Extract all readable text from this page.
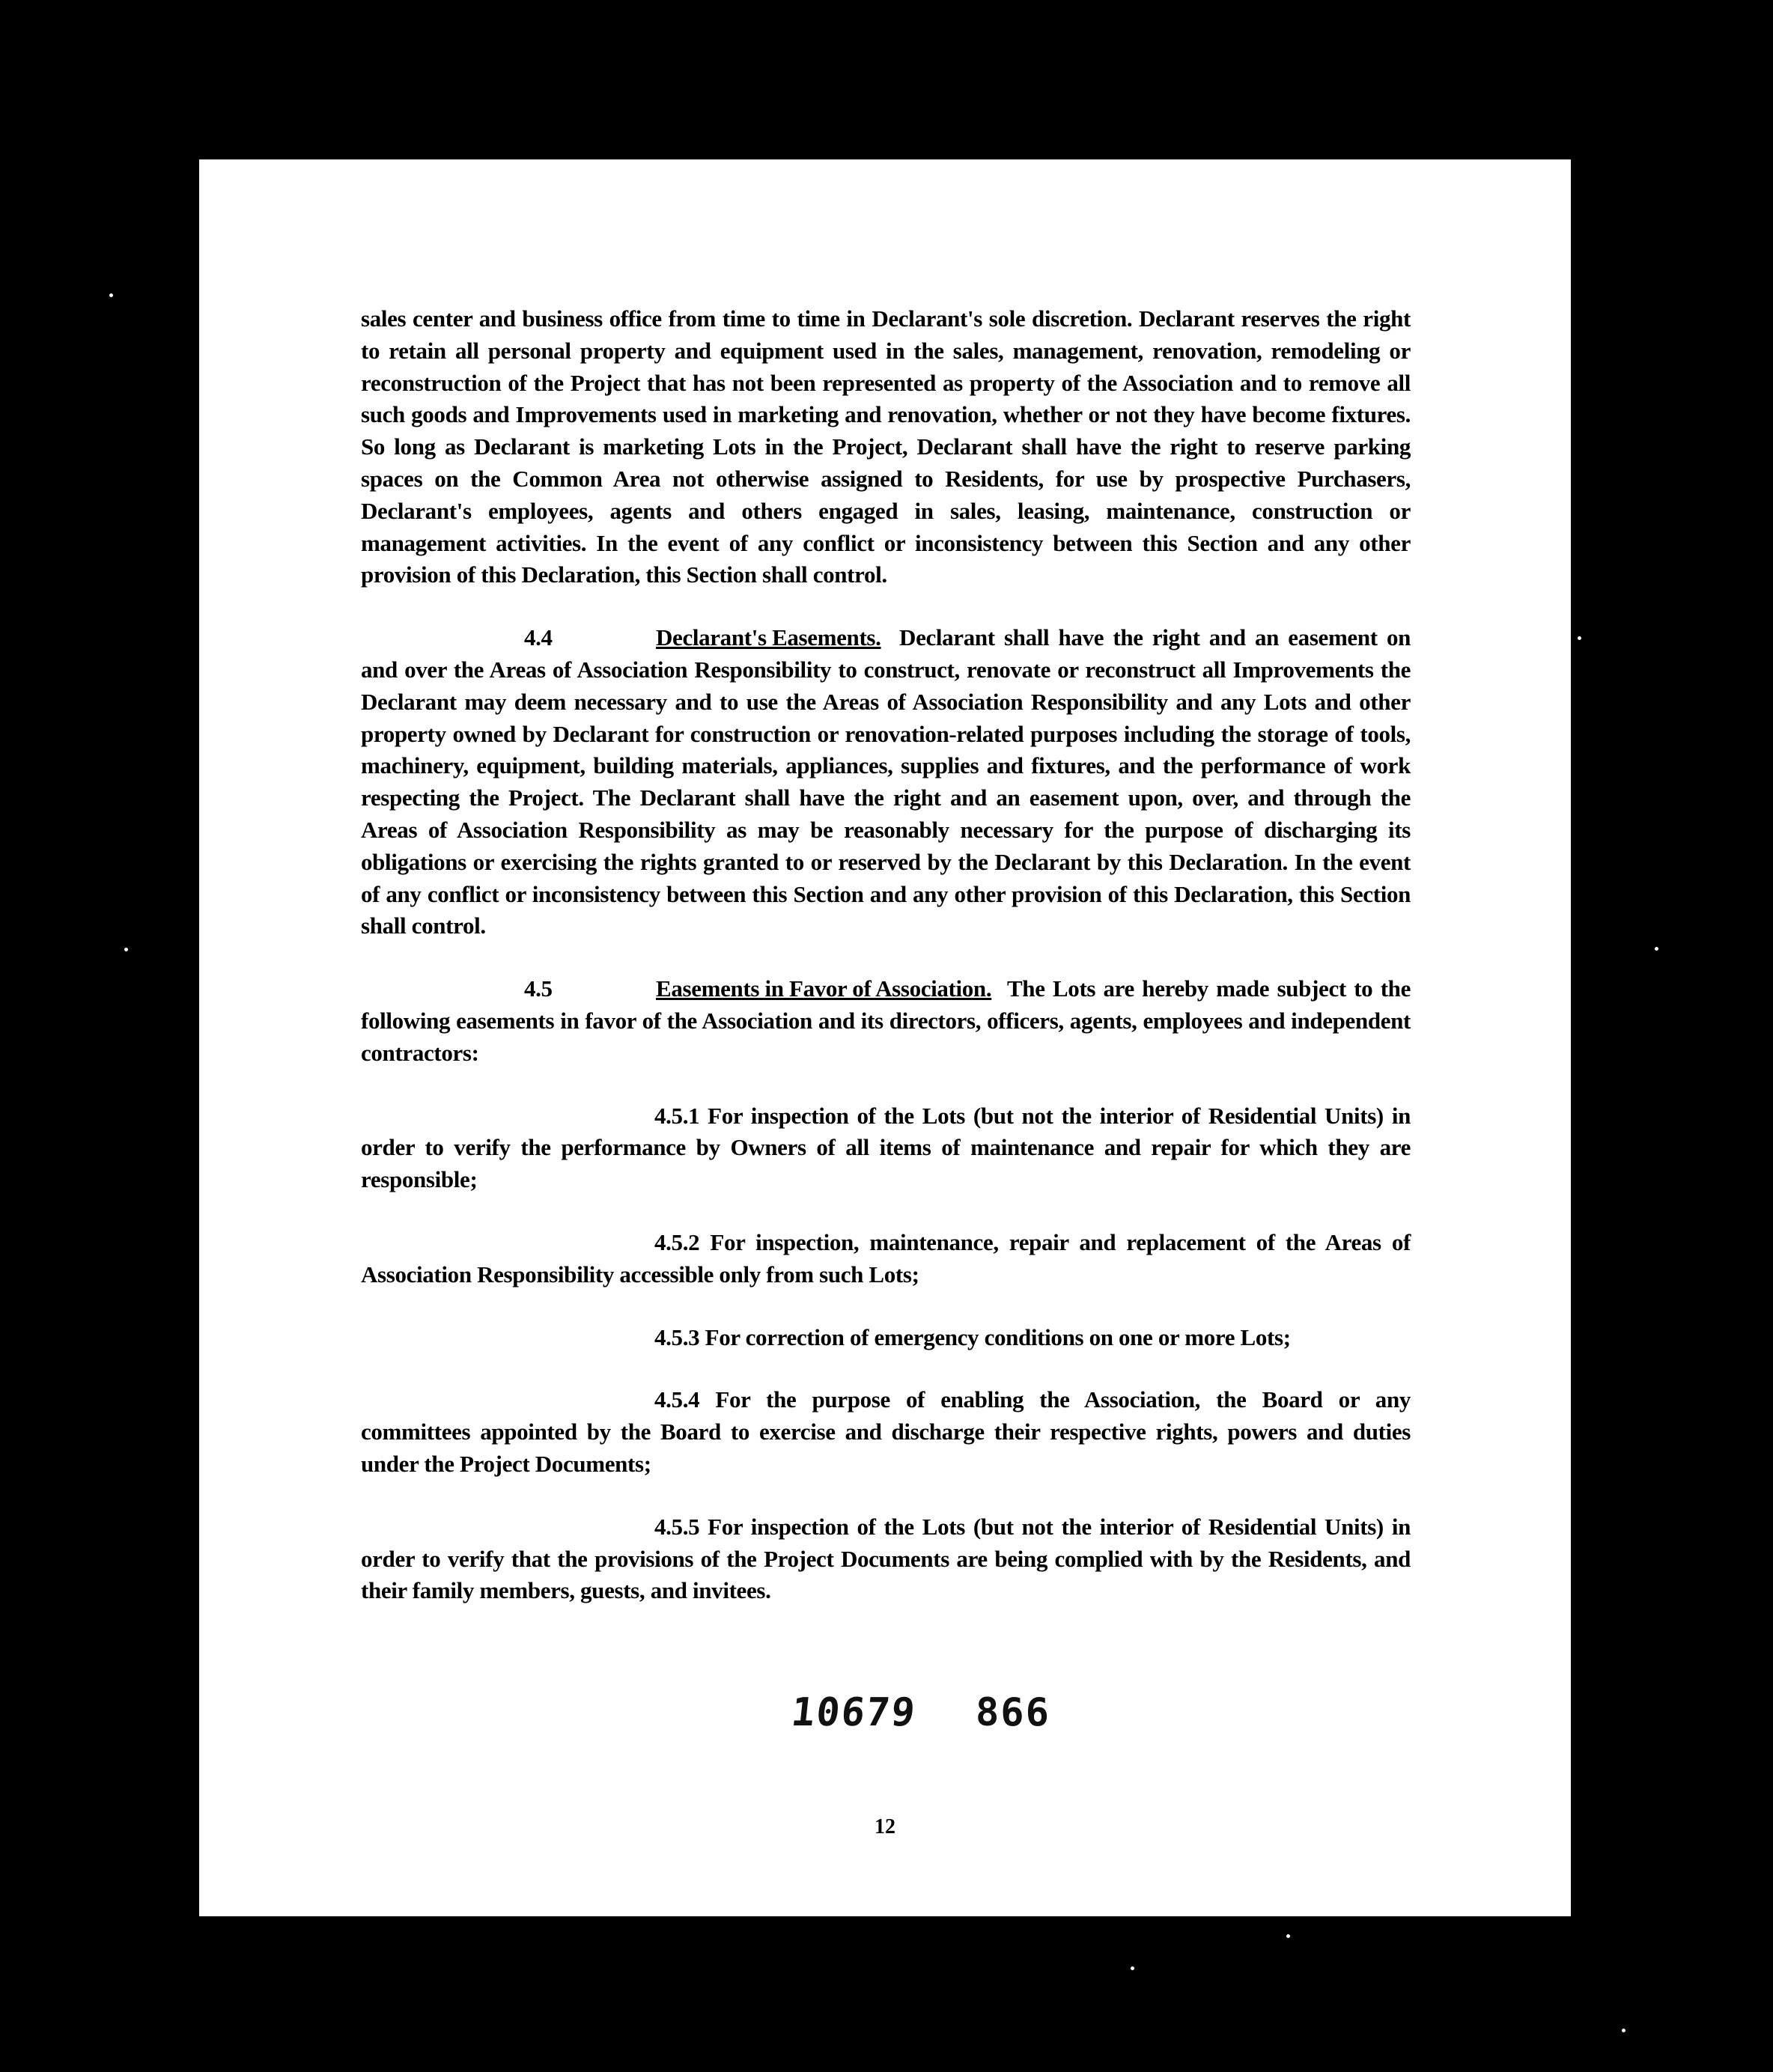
sales center and business office from time to time in Declarant's sole discretion. Declarant reserves the right to retain all personal property and equipment used in the sales, management, renovation, remodeling or reconstruction of the Project that has not been represented as property of the Association and to remove all such goods and Improvements used in marketing and renovation, whether or not they have become fixtures. So long as Declarant is marketing Lots in the Project, Declarant shall have the right to reserve parking spaces on the Common Area not otherwise assigned to Residents, for use by prospective Purchasers, Declarant's employees, agents and others engaged in sales, leasing, maintenance, construction or management activities. In the event of any conflict or inconsistency between this Section and any other provision of this Declaration, this Section shall control.

4.4	Declarant's Easements. Declarant shall have the right and an easement on and over the Areas of Association Responsibility to construct, renovate or reconstruct all Improvements the Declarant may deem necessary and to use the Areas of Association Responsibility and any Lots and other property owned by Declarant for construction or renovation-related purposes including the storage of tools, machinery, equipment, building materials, appliances, supplies and fixtures, and the performance of work respecting the Project. The Declarant shall have the right and an easement upon, over, and through the Areas of Association Responsibility as may be reasonably necessary for the purpose of discharging its obligations or exercising the rights granted to or reserved by the Declarant by this Declaration. In the event of any conflict or inconsistency between this Section and any other provision of this Declaration, this Section shall control.

4.5	Easements in Favor of Association. The Lots are hereby made subject to the following easements in favor of the Association and its directors, officers, agents, employees and independent contractors:

4.5.1 For inspection of the Lots (but not the interior of Residential Units) in order to verify the performance by Owners of all items of maintenance and repair for which they are responsible;

4.5.2 For inspection, maintenance, repair and replacement of the Areas of Association Responsibility accessible only from such Lots;

4.5.3 For correction of emergency conditions on one or more Lots;

4.5.4 For the purpose of enabling the Association, the Board or any committees appointed by the Board to exercise and discharge their respective rights, powers and duties under the Project Documents;

4.5.5 For inspection of the Lots (but not the interior of Residential Units) in order to verify that the provisions of the Project Documents are being complied with by the Residents, and their family members, guests, and invitees.

12
10679 866
